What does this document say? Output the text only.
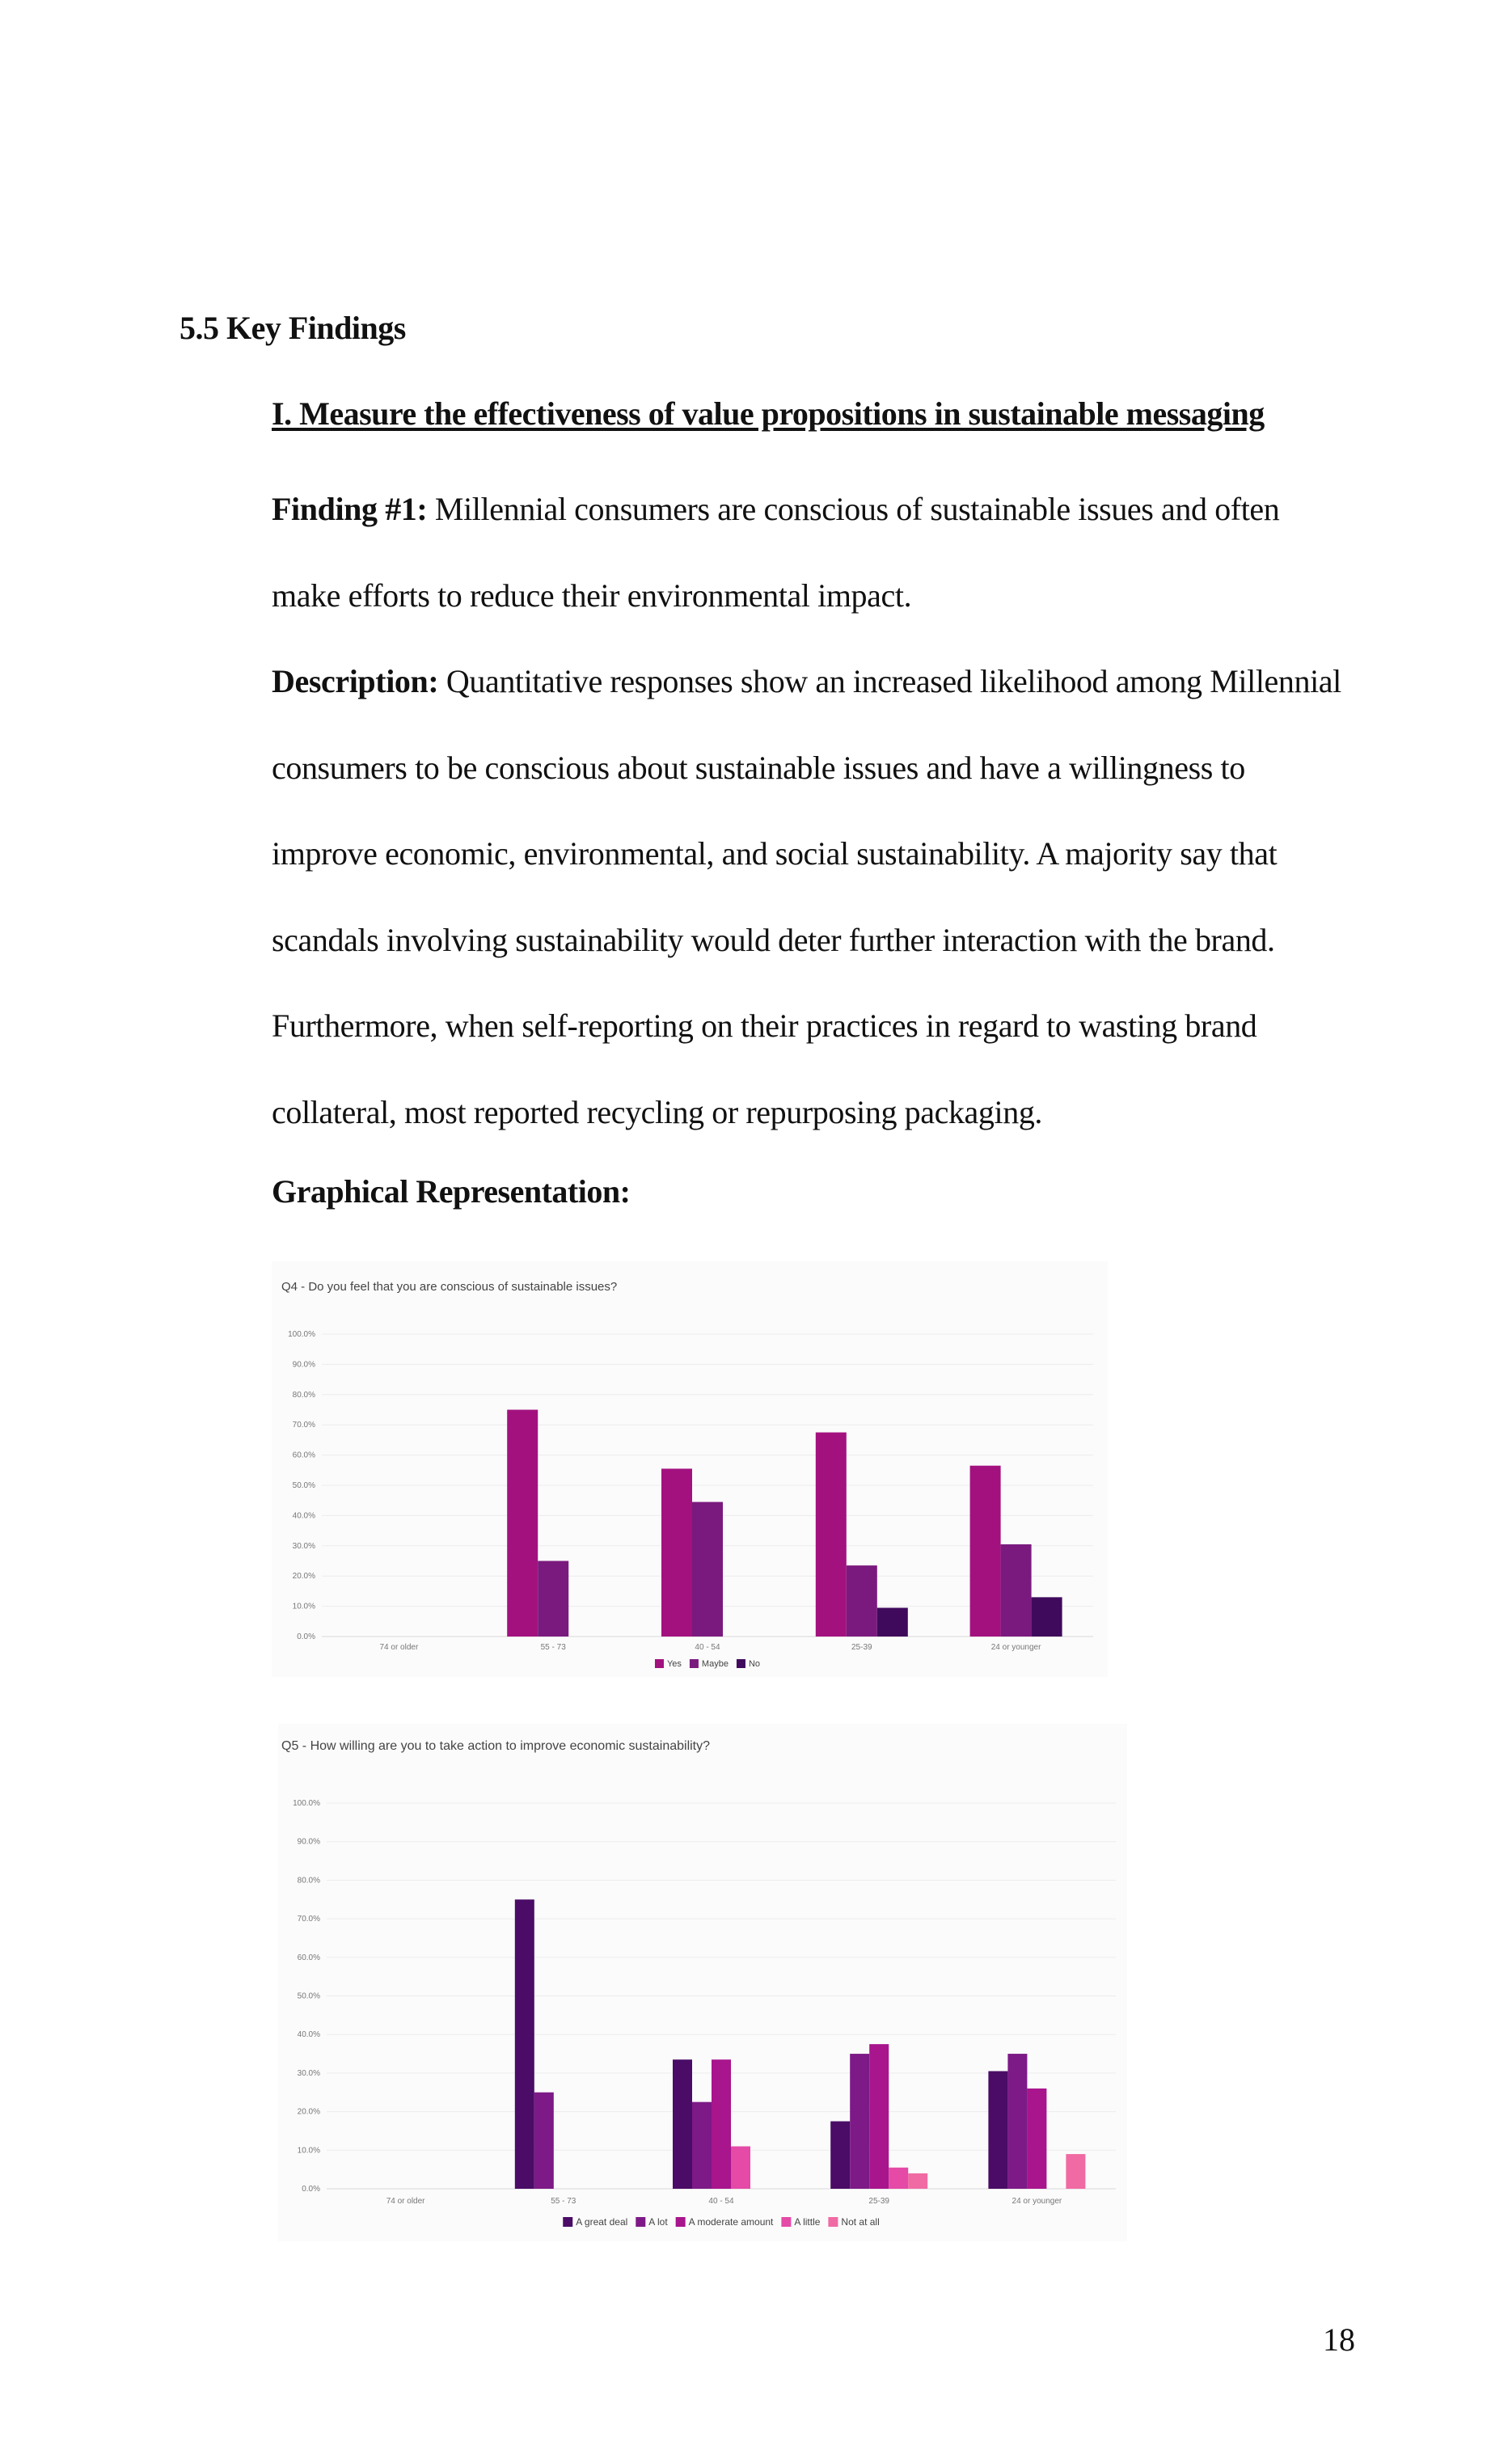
5.5 Key Findings
I. Measure the effectiveness of value propositions in sustainable messaging
Finding #1: Millennial consumers are conscious of sustainable issues and often make efforts to reduce their environmental impact.
Description: Quantitative responses show an increased likelihood among Millennial consumers to be conscious about sustainable issues and have a willingness to improve economic, environmental, and social sustainability. A majority say that scandals involving sustainability would deter further interaction with the brand. Furthermore, when self-reporting on their practices in regard to wasting brand collateral, most reported recycling or repurposing packaging.
Graphical Representation:
Q4 - Do you feel that you are conscious of sustainable issues?
0.0%
10.0%
20.0%
30.0%
40.0%
50.0%
60.0%
70.0%
80.0%
90.0%
100.0%
74 or older	55 - 73	40 - 54	25-39	24 or younger
Yes Maybe No
Q5 - How willing are you to take action to improve economic sustainability?
0.0%
10.0%
20.0%
30.0%
40.0%
50.0%
60.0%
70.0%
80.0%
90.0%
100.0%
74 or older	55 - 73	40 - 54	25-39	24 or younger
A great deal A lot A moderate amount A little Not at all
18
